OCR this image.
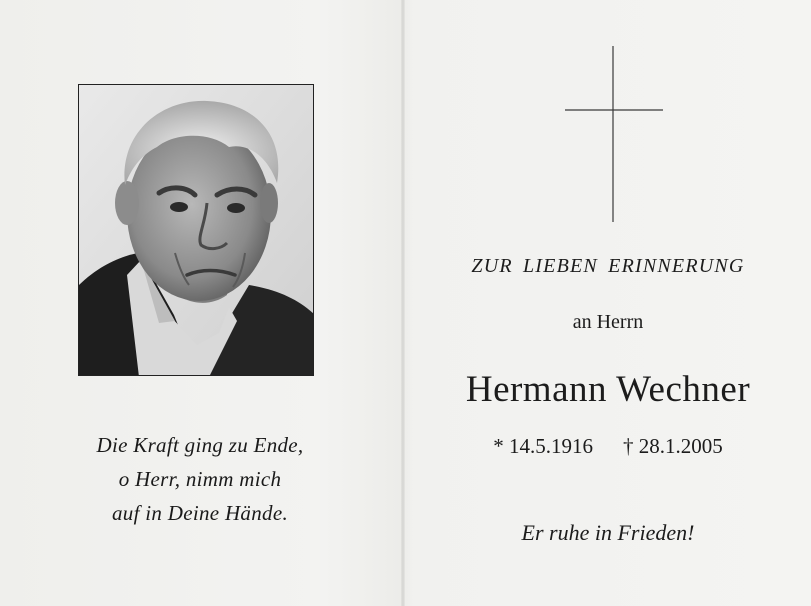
Die Kraft ging zu Ende,
o Herr, nimm mich
auf in Deine Hände.
ZUR LIEBEN ERINNERUNG
an Herrn
Hermann Wechner
* 14.5.1916 † 28.1.2005
Er ruhe in Frieden!
